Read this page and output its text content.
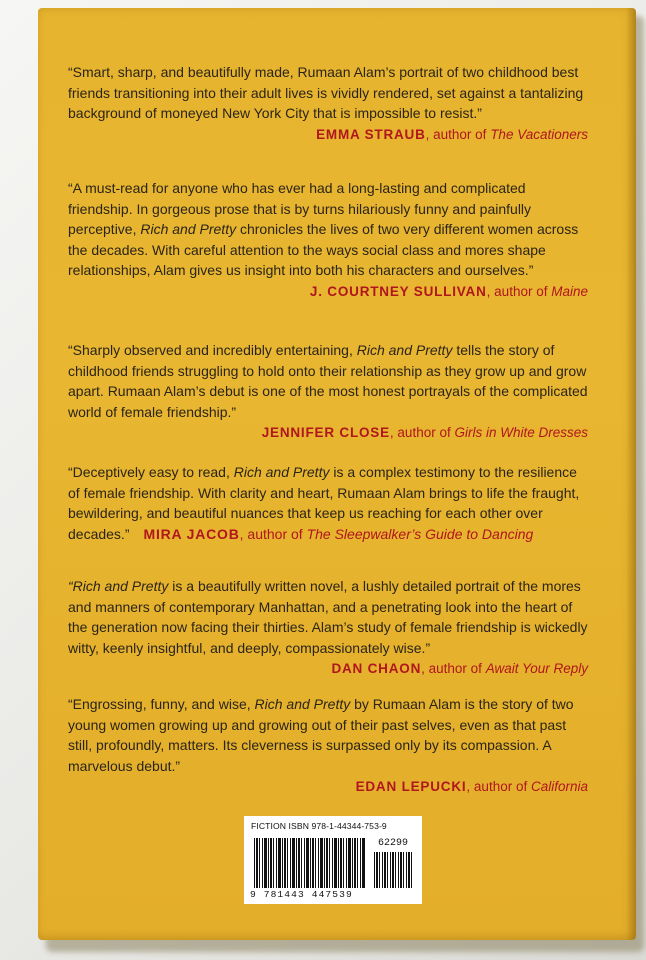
“Smart, sharp, and beautifully made, Rumaan Alam’s portrait of two childhood best friends transitioning into their adult lives is vividly rendered, set against a tantalizing background of moneyed New York City that is impossible to resist.”

EMMA STRAUB, author of The Vacationers

“A must-read for anyone who has ever had a long-lasting and complicated friendship. In gorgeous prose that is by turns hilariously funny and painfully perceptive, Rich and Pretty chronicles the lives of two very different women across the decades. With careful attention to the ways social class and mores shape relationships, Alam gives us insight into both his characters and ourselves.”

J. COURTNEY SULLIVAN, author of Maine

“Sharply observed and incredibly entertaining, Rich and Pretty tells the story of childhood friends struggling to hold onto their relationship as they grow up and grow apart. Rumaan Alam’s debut is one of the most honest portrayals of the complicated world of female friendship.”

JENNIFER CLOSE, author of Girls in White Dresses

“Deceptively easy to read, Rich and Pretty is a complex testimony to the resilience of female friendship. With clarity and heart, Rumaan Alam brings to life the fraught, bewildering, and beautiful nuances that keep us reaching for each other over decades.” MIRA JACOB, author of The Sleepwalker’s Guide to Dancing

“Rich and Pretty is a beautifully written novel, a lushly detailed portrait of the mores and manners of contemporary Manhattan, and a penetrating look into the heart of the generation now facing their thirties. Alam’s study of female friendship is wickedly witty, keenly insightful, and deeply, compassionately wise.”

DAN CHAON, author of Await Your Reply

“Engrossing, funny, and wise, Rich and Pretty by Rumaan Alam is the story of two young women growing up and growing out of their past selves, even as that past still, profoundly, matters. Its cleverness is surpassed only by its compassion. A marvelous debut.”

EDAN LEPUCKI, author of California
FICTION ISBN 978-1-44344-753-9
62299
9 781443 447539
